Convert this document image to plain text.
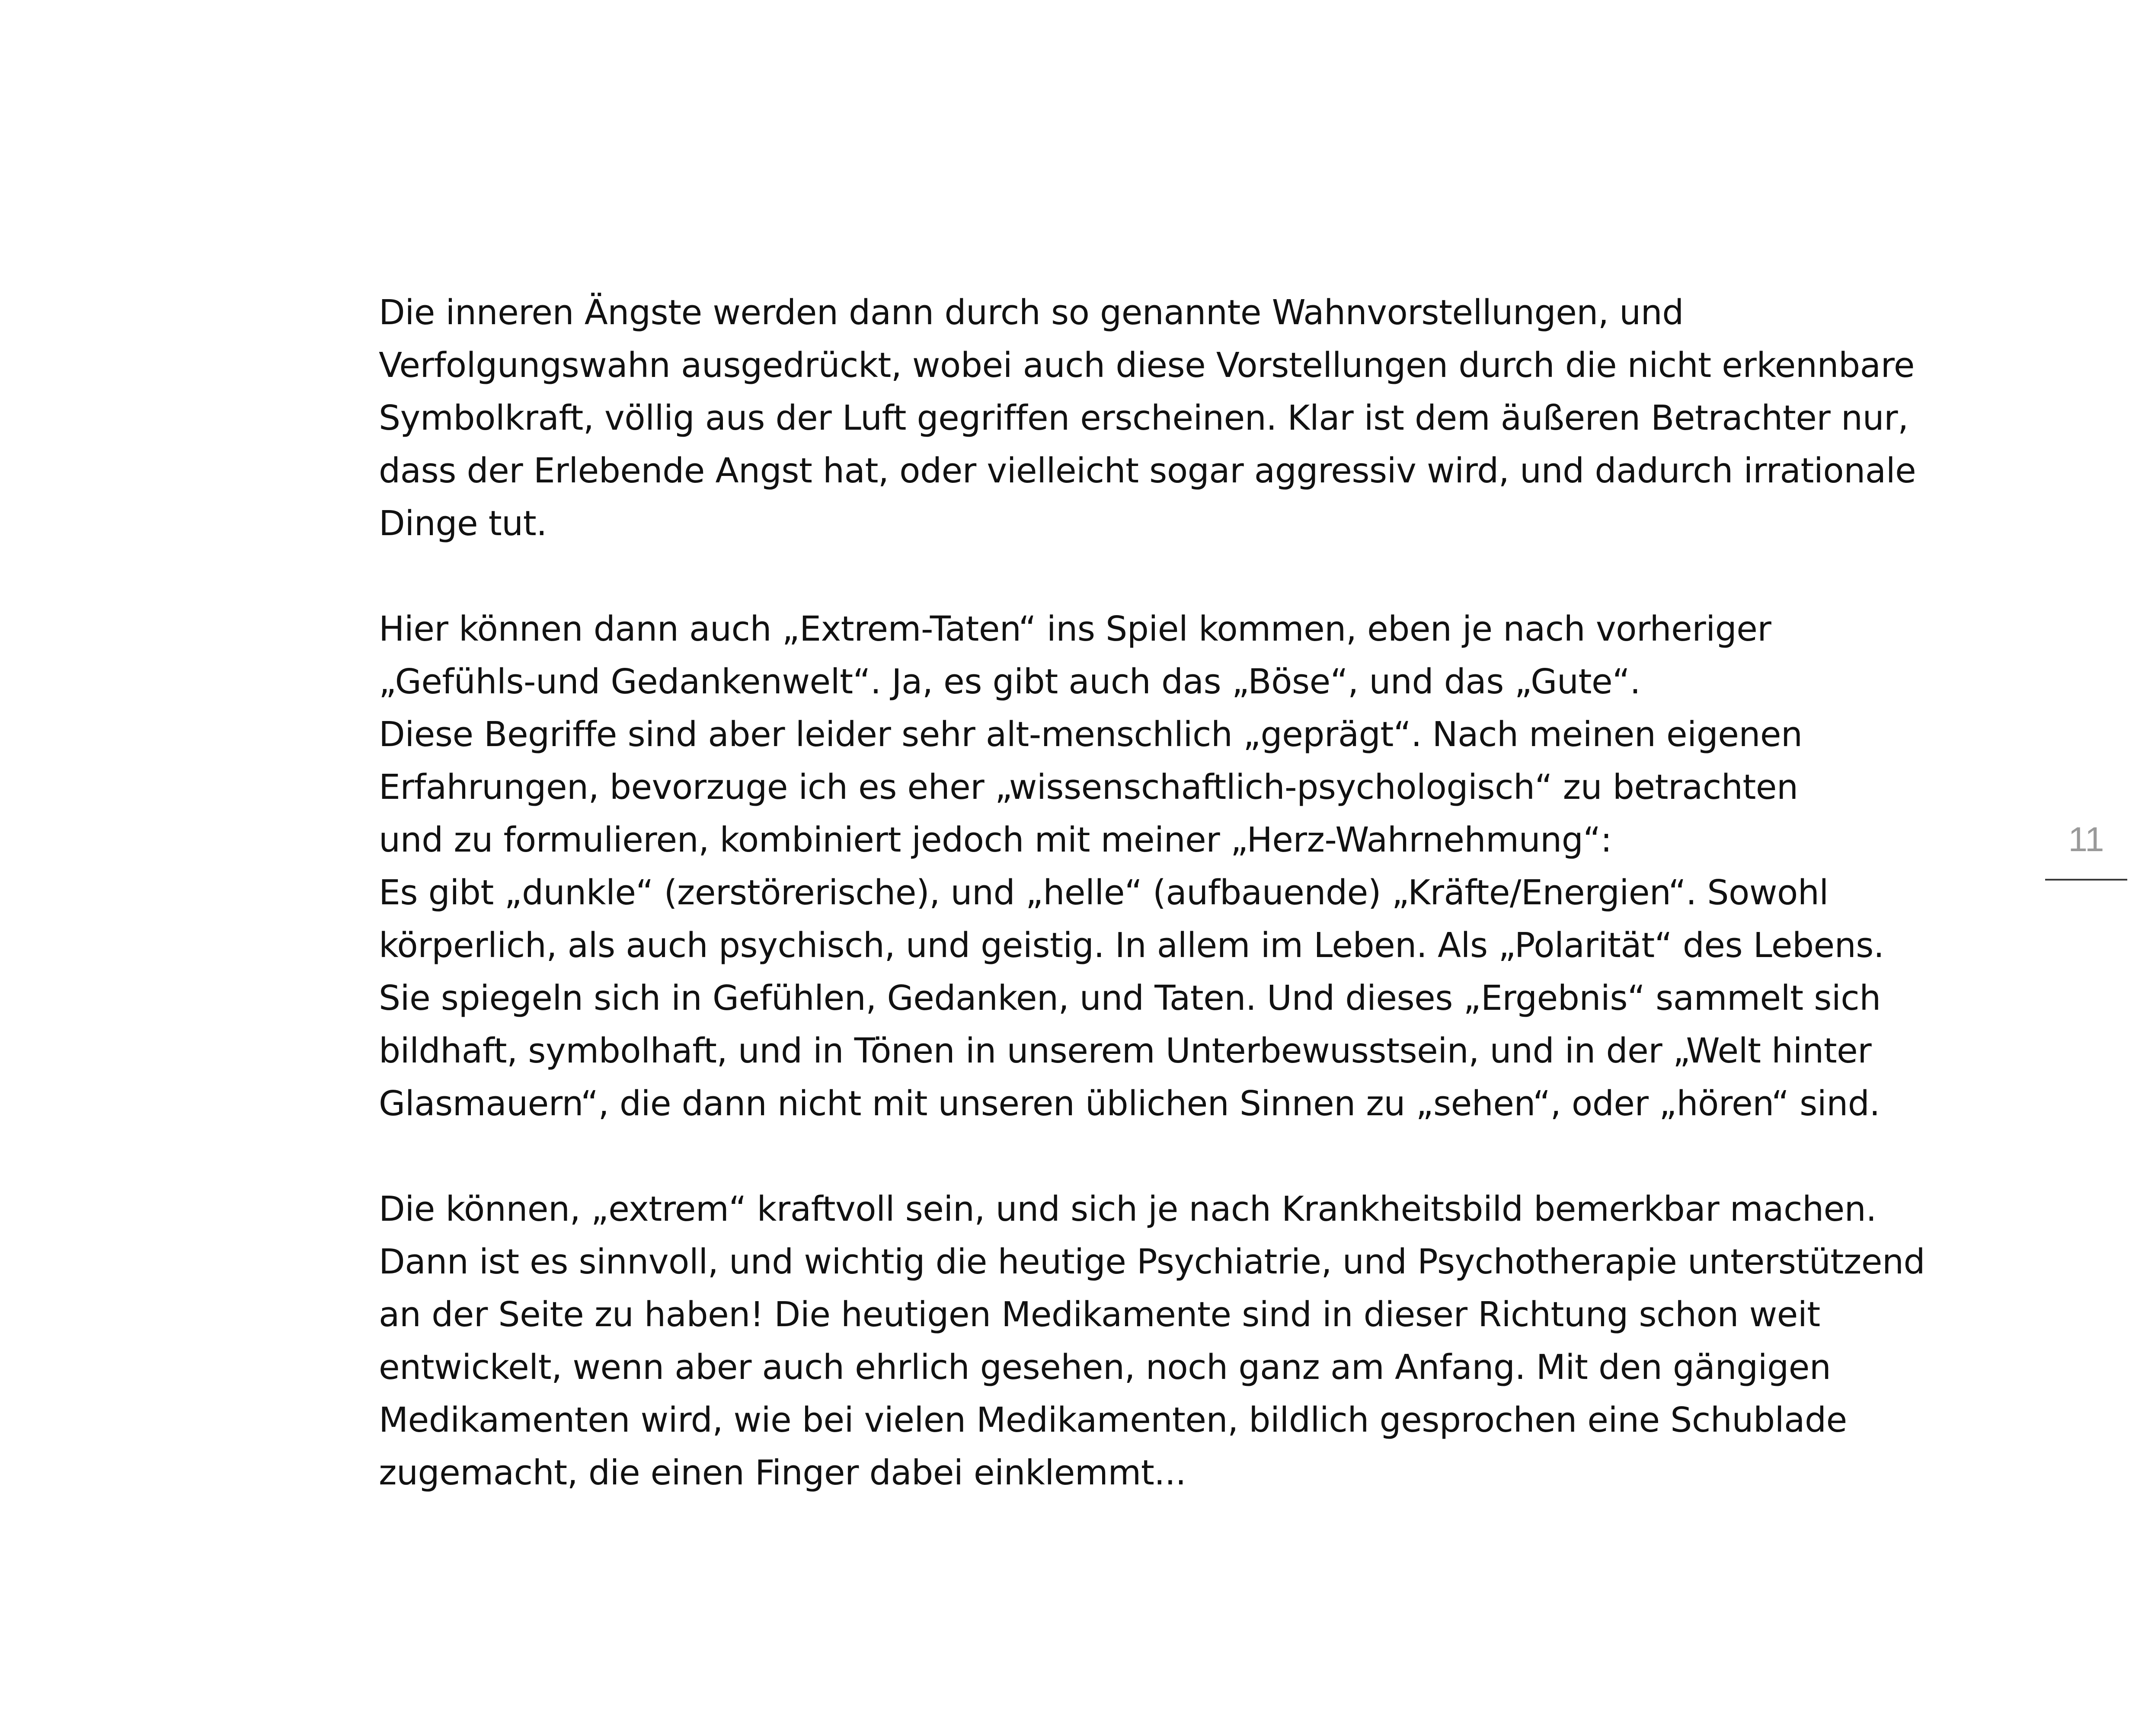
Die inneren Ängste werden dann durch so genannte Wahnvorstellungen, und
Verfolgungswahn ausgedrückt, wobei auch diese Vorstellungen durch die nicht erkennbare
Symbolkraft, völlig aus der Luft gegriffen erscheinen. Klar ist dem äußeren Betrachter nur,
dass der Erlebende Angst hat, oder vielleicht sogar aggressiv wird, und dadurch irrationale
Dinge tut.

Hier können dann auch „Extrem-Taten“ ins Spiel kommen, eben je nach vorheriger
„Gefühls-und Gedankenwelt“. Ja, es gibt auch das „Böse“, und das „Gute“.
Diese Begriffe sind aber leider sehr alt-menschlich „geprägt“. Nach meinen eigenen
Erfahrungen, bevorzuge ich es eher „wissenschaftlich-psychologisch“ zu betrachten
und zu formulieren, kombiniert jedoch mit meiner „Herz-Wahrnehmung“:
Es gibt „dunkle“ (zerstörerische), und „helle“ (aufbauende) „Kräfte/Energien“. Sowohl
körperlich, als auch psychisch, und geistig. In allem im Leben. Als „Polarität“ des Lebens.
Sie spiegeln sich in Gefühlen, Gedanken, und Taten. Und dieses „Ergebnis“ sammelt sich
bildhaft, symbolhaft, und in Tönen in unserem Unterbewusstsein, und in der „Welt hinter
Glasmauern“, die dann nicht mit unseren üblichen Sinnen zu „sehen“, oder „hören“ sind.

Die können, „extrem“ kraftvoll sein, und sich je nach Krankheitsbild bemerkbar machen.
Dann ist es sinnvoll, und wichtig die heutige Psychiatrie, und Psychotherapie unterstützend
an der Seite zu haben! Die heutigen Medikamente sind in dieser Richtung schon weit
entwickelt, wenn aber auch ehrlich gesehen, noch ganz am Anfang. Mit den gängigen
Medikamenten wird, wie bei vielen Medikamenten, bildlich gesprochen eine Schublade
zugemacht, die einen Finger dabei einklemmt...

11
